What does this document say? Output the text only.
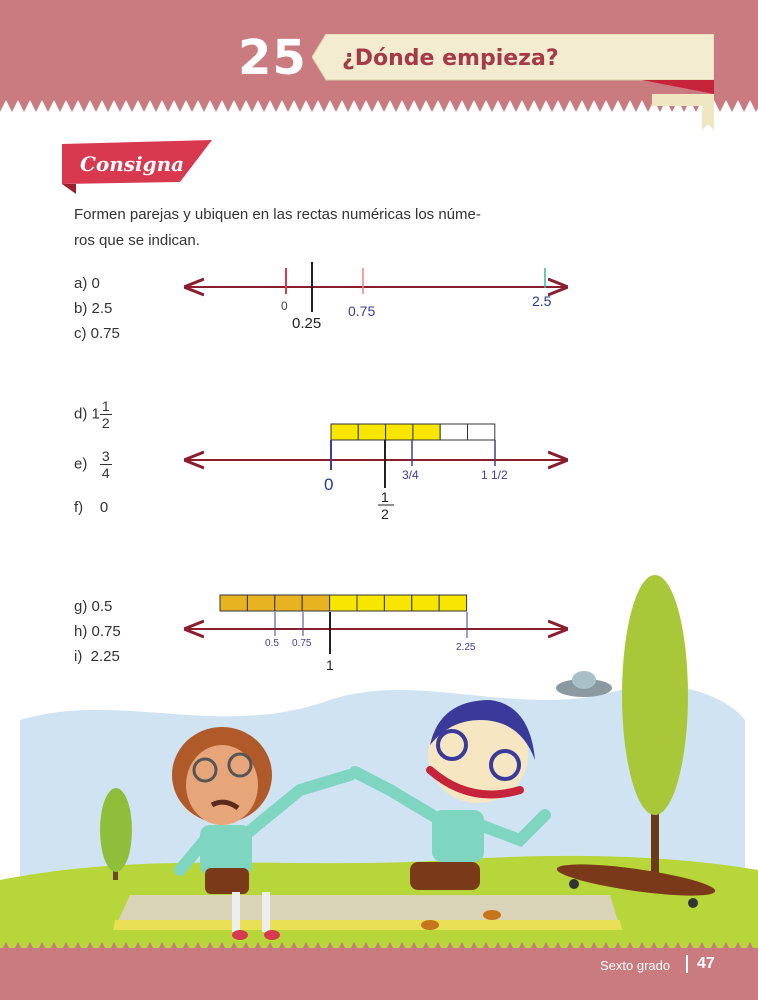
25 ¿Dónde empieza?
Consigna
Formen parejas y ubiquen en las rectas numéricas los núme-
ros que se indican.
a) 0
b) 2.5
c) 0.75
d) $1 \frac{1}{2}$
$e) \frac{3}{4}$
f)    0
g) 0.5
h) 0.75
i)  2.25
0
0.25
0.75
2.5
0
1
2
3/4	1 1/2
0.5 0.75
1
2.25
Sexto grado 47
